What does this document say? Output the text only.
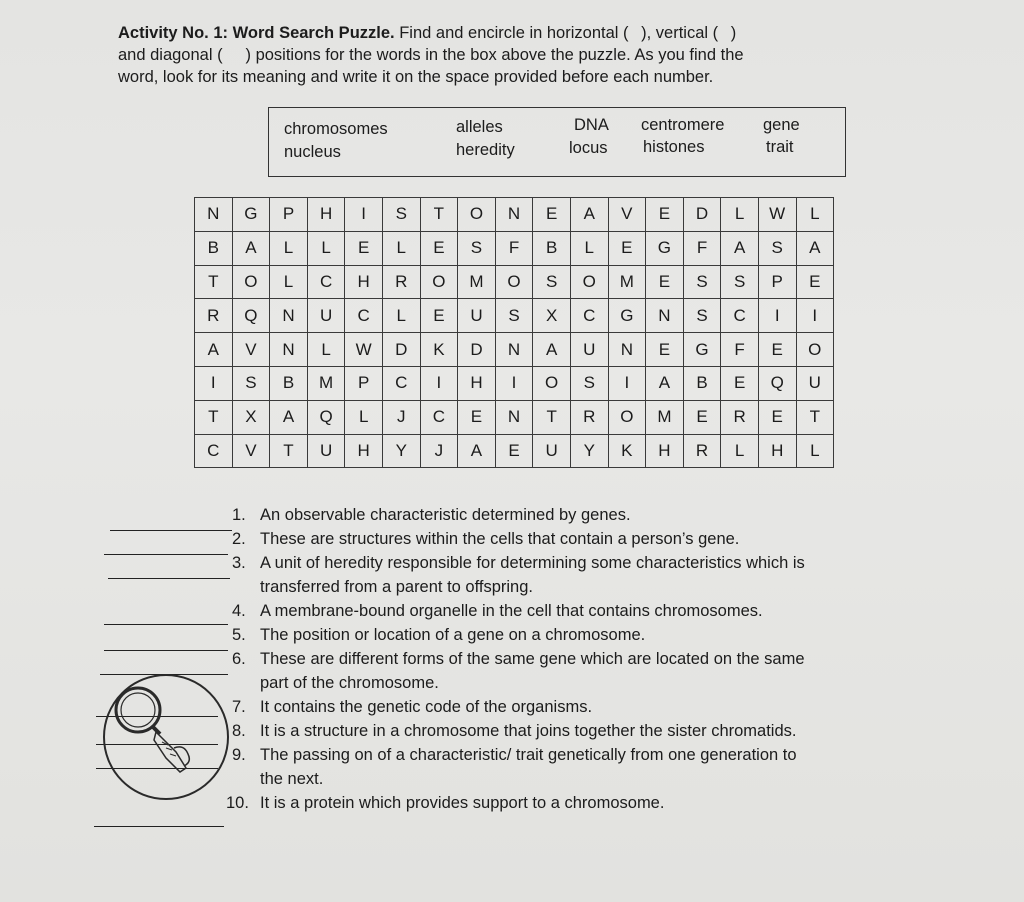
Activity No. 1: Word Search Puzzle. Find and encircle in horizontal ( ), vertical ( )
and diagonal (     ) positions for the words in the box above the puzzle. As you find the
word, look for its meaning and write it on the space provided before each number.
chromosomes	alleles	DNA centromere gene
nucleus	heredity	locus histones	trait
N	G	P	H	I	S	T	O	N	E	A	V	E	D	L	W	L
B	A	L	L	E	L	E	S	F	B	L	E	G	F	A	S	A
T	O	L	C	H	R	O	M	O	S	O	M	E	S	S	P	E
R	Q	N	U	C	L	E	U	S	X	C	G	N	S	C	I	I
A	V	N	L	W	D	K	D	N	A	U	N	E	G	F	E	O
I	S	B	M	P	C	I	H	I	O	S	I	A	B	E	Q	U
T	X	A	Q	L	J	C	E	N	T	R	O	M	E	R	E	T
C	V	T	U	H	Y	J	A	E	U	Y	K	H	R	L	H	L
1. An observable characteristic determined by genes.
2. These are structures within the cells that contain a person’s gene.
3. A unit of heredity responsible for determining some characteristics which is
transferred from a parent to offspring.
4. A membrane-bound organelle in the cell that contains chromosomes.
5. The position or location of a gene on a chromosome.
6. These are different forms of the same gene which are located on the same
part of the chromosome.
7. It contains the genetic code of the organisms.
8. It is a structure in a chromosome that joins together the sister chromatids.
9. The passing on of a characteristic/ trait genetically from one generation to
the next.
10. It is a protein which provides support to a chromosome.
